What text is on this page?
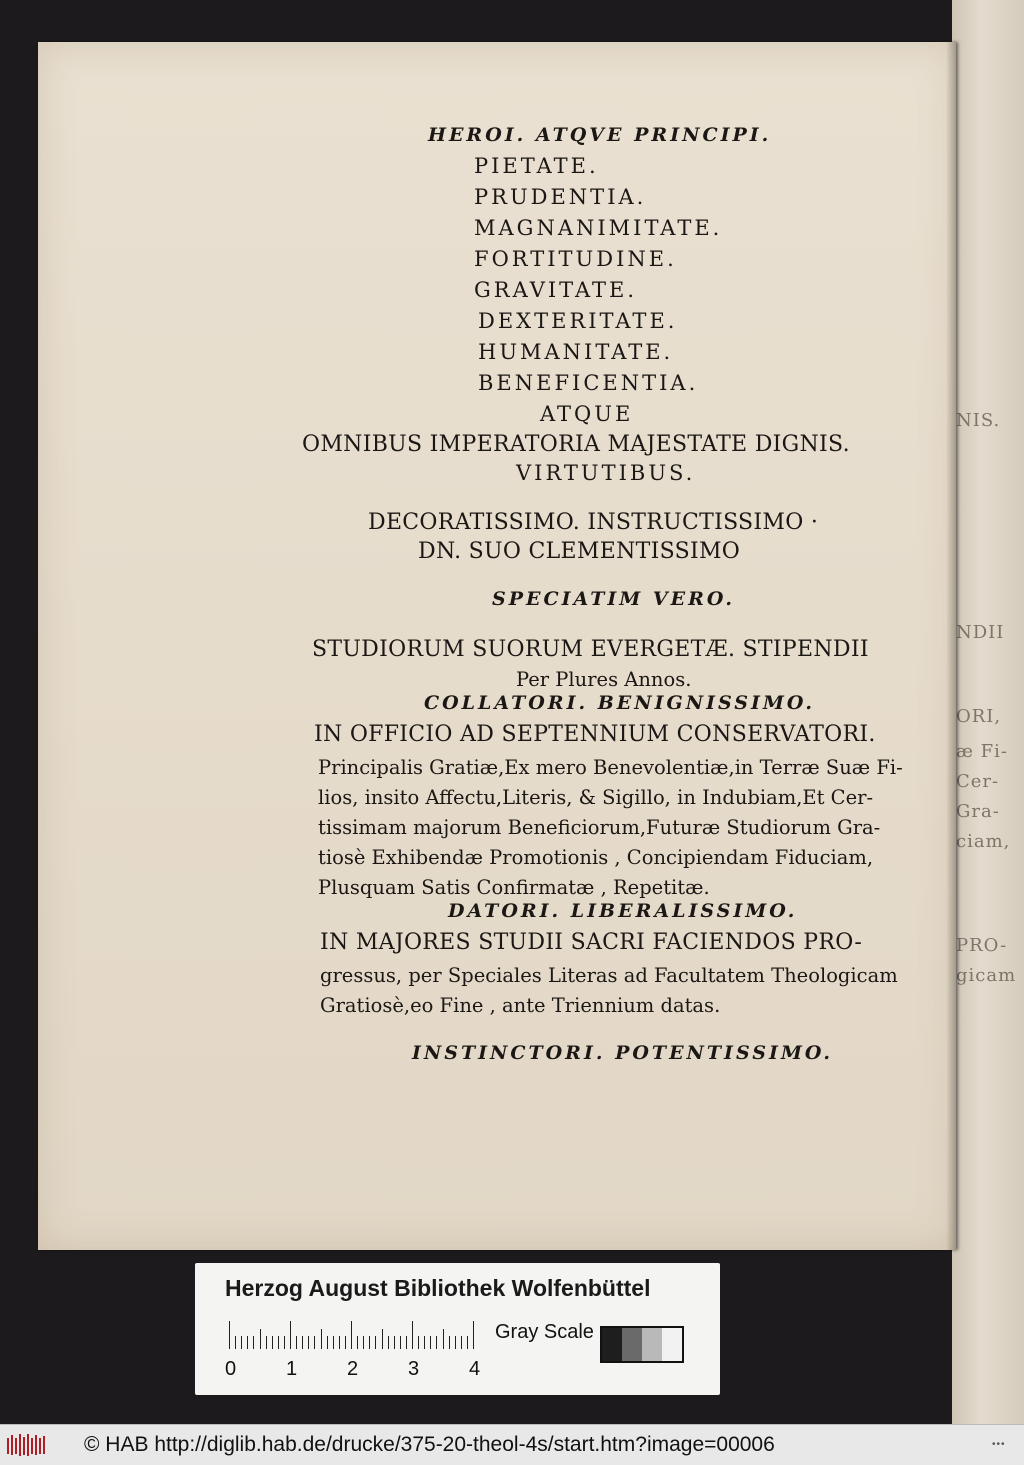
NIS.
NDII
ORI,
æ Fi-
Cer-
Gra-
ciam,
PRO-
gicam
HEROI. ATQVE PRINCIPI.
PIETATE.
PRUDENTIA.
MAGNANIMITATE.
FORTITUDINE.
GRAVITATE.
DEXTERITATE.
HUMANITATE.
BENEFICENTIA.
ATQUE
OMNIBUS IMPERATORIA MAJESTATE DIGNIS.
VIRTUTIBUS.
DECORATISSIMO. INSTRUCTISSIMO ·
DN. SUO CLEMENTISSIMO
SPECIATIM VERO.
STUDIORUM SUORUM EVERGETÆ. STIPENDII
Per Plures Annos.
COLLATORI. BENIGNISSIMO.
IN OFFICIO AD SEPTENNIUM CONSERVATORI.
Principalis Gratiæ,Ex mero Benevolentiæ,in Terræ Suæ Fi-
lios, insito Affectu,Literis, & Sigillo, in Indubiam,Et Cer-
tissimam majorum Beneficiorum,Futuræ Studiorum Gra-
tiosè Exhibendæ Promotionis , Concipiendam Fiduciam,
Plusquam Satis Confirmatæ , Repetitæ.
DATORI. LIBERALISSIMO.
IN MAJORES STUDII SACRI FACIENDOS PRO-
gressus, per Speciales Literas ad Facultatem Theologicam
Gratiosè,eo Fine , ante Triennium datas.
INSTINCTORI. POTENTISSIMO.
Herzog August Bibliothek Wolfenbüttel
0 1 2 3 4
Gray Scale
© HAB http://diglib.hab.de/drucke/375-20-theol-4s/start.htm?image=00006	•••
